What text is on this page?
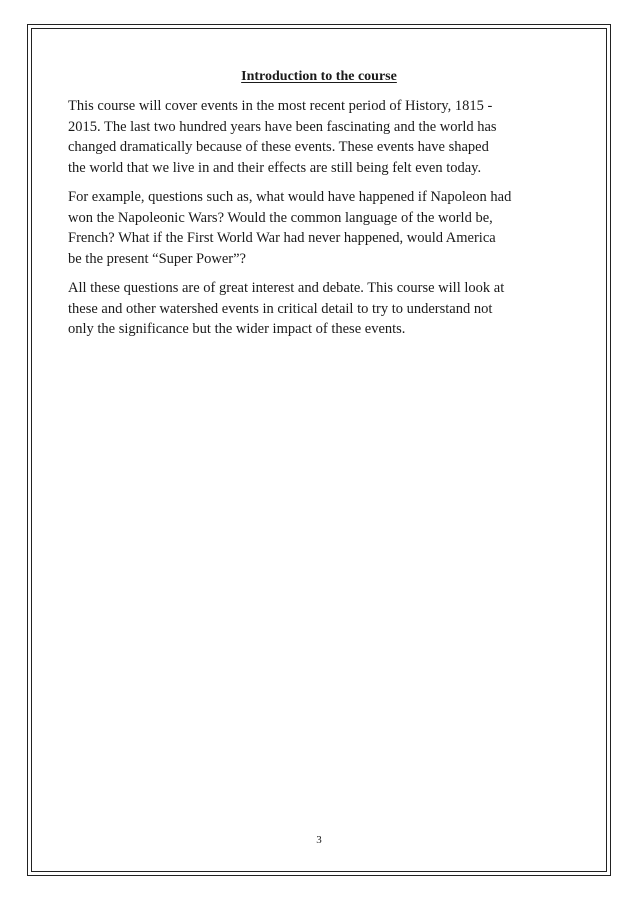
Introduction to the course

This course will cover events in the most recent period of History, 1815 -
2015. The last two hundred years have been fascinating and the world has
changed dramatically because of these events. These events have shaped
the world that we live in and their effects are still being felt even today.

For example, questions such as, what would have happened if Napoleon had
won the Napoleonic Wars? Would the common language of the world be,
French? What if the First World War had never happened, would America
be the present “Super Power”?

All these questions are of great interest and debate. This course will look at
these and other watershed events in critical detail to try to understand not
only the significance but the wider impact of these events.

3
